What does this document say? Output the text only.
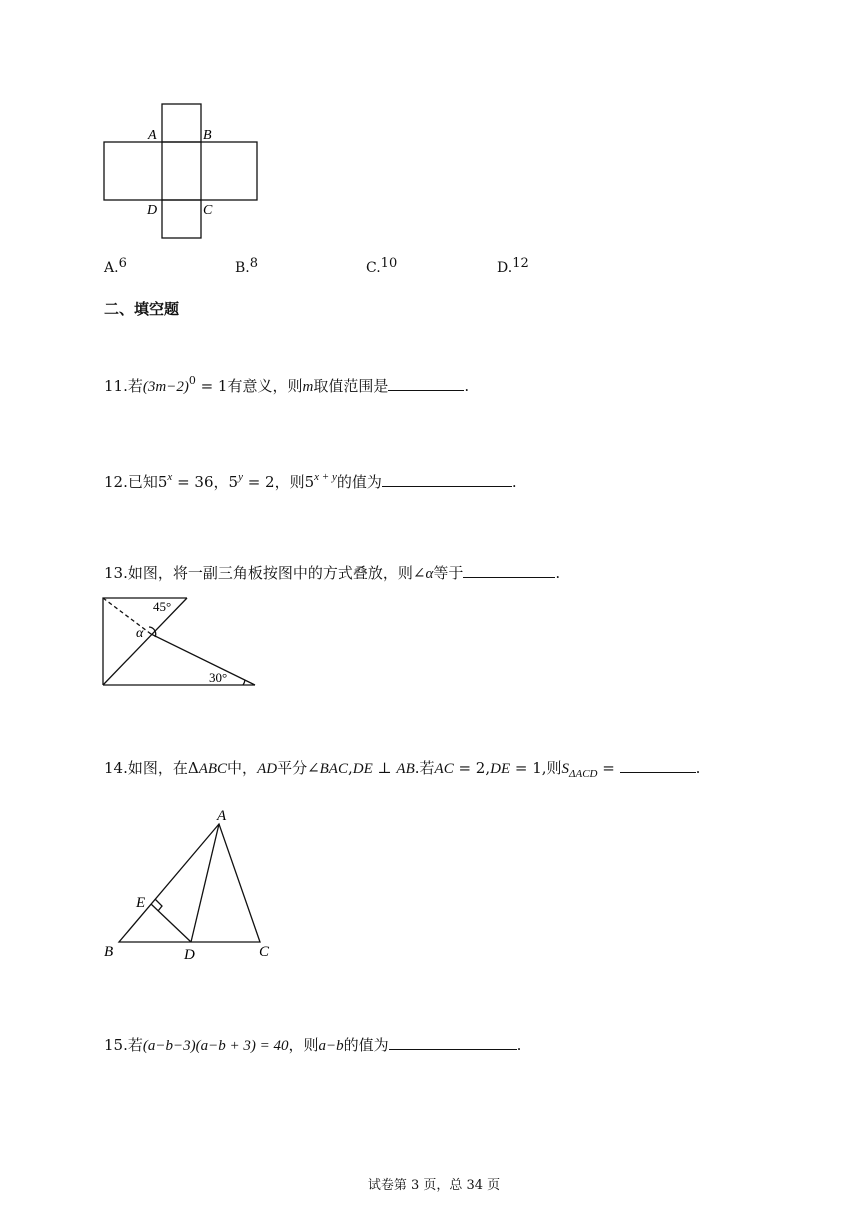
A	B
D	C
A.6	B.8	C.10	D.12
二、填空题
11.若$(3m-2)^0 = 1$有意义，则m取值范围是	.
12.已知$5^x = 36$，$5^y = 2$，则$5^{x + y}$的值为	.
13.如图，将一副三角板按图中的方式叠放，则∠α等于	.
45°
α
30°
14.如图，在ΔABC中，AD平分∠BAC,DE ⊥ AB.若AC = 2,DE = 1,则$S_{\Delta ACD}$ =	.
A
E
B	D	C
15.若(a−b−3)(a−b + 3) = 40，则a−b的值为	.
试卷第 3 页，总 34 页
